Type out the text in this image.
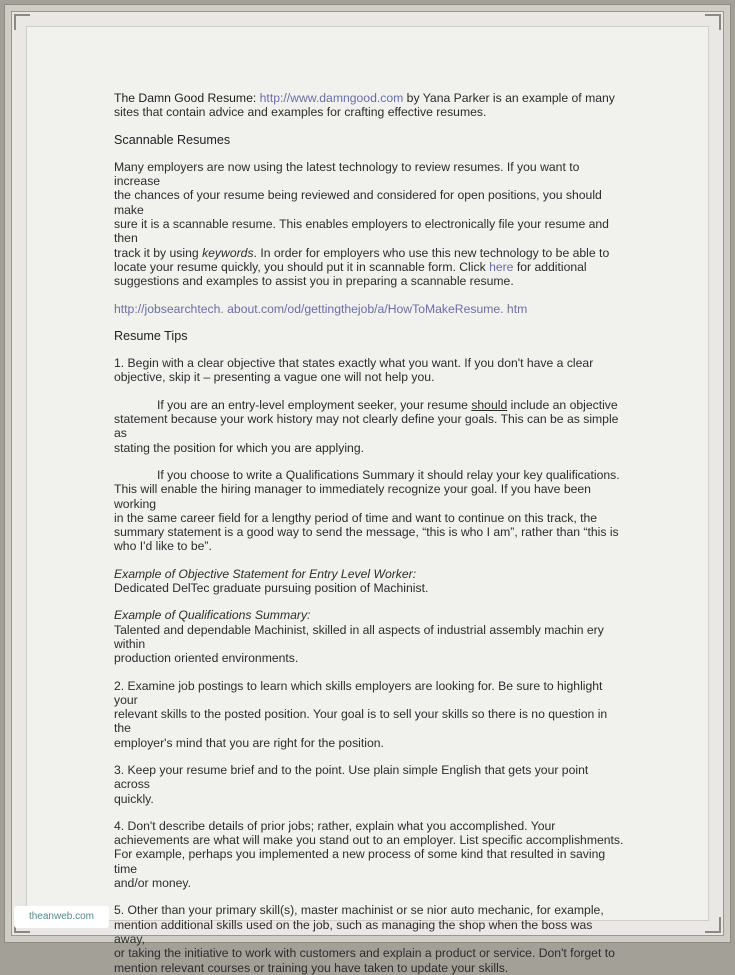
The Damn Good Resume: http://www.damngood.com by Yana Parker is an example of many
sites that contain advice and examples for crafting effective resumes.

Scannable Resumes

Many employers are now using the latest technology to review resumes. If you want to increase
the chances of your resume being reviewed and considered for open positions, you should make
sure it is a scannable resume. This enables employers to electronically file your resume and then
track it by using keywords. In order for employers who use this new technology to be able to
locate your resume quickly, you should put it in scannable form. Click here for additional
suggestions and examples to assist you in preparing a scannable resume.

http://jobsearchtech. about.com/od/gettingthejob/a/HowToMakeResume. htm

Resume Tips

1. Begin with a clear objective that states exactly what you want. If you don't have a clear
objective, skip it – presenting a vague one will not help you.

If you are an entry-level employment seeker, your resume should include an objective
statement because your work history may not clearly define your goals. This can be as simple as
stating the position for which you are applying.

If you choose to write a Qualifications Summary it should relay your key qualifications.
This will enable the hiring manager to immediately recognize your goal. If you have been working
in the same career field for a lengthy period of time and want to continue on this track, the
summary statement is a good way to send the message, “this is who I am”, rather than “this is
who I'd like to be”.

Example of Objective Statement for Entry Level Worker:
Dedicated DelTec graduate pursuing position of Machinist.

Example of Qualifications Summary:
Talented and dependable Machinist, skilled in all aspects of industrial assembly machin ery within
production oriented environments.

2. Examine job postings to learn which skills employers are looking for. Be sure to highlight your
relevant skills to the posted position. Your goal is to sell your skills so there is no question in the
employer's mind that you are right for the position.

3. Keep your resume brief and to the point. Use plain simple English that gets your point across
quickly.

4. Don't describe details of prior jobs; rather, explain what you accomplished. Your
achievements are what will make you stand out to an employer. List specific accomplishments.
For example, perhaps you implemented a new process of some kind that resulted in saving time
and/or money.

5. Other than your primary skill(s), master machinist or se nior auto mechanic, for example,
mention additional skills used on the job, such as managing the shop when the boss was away,
or taking the initiative to work with customers and explain a product or service. Don't forget to
mention relevant courses or training you have taken to update your skills.

theanweb.com
